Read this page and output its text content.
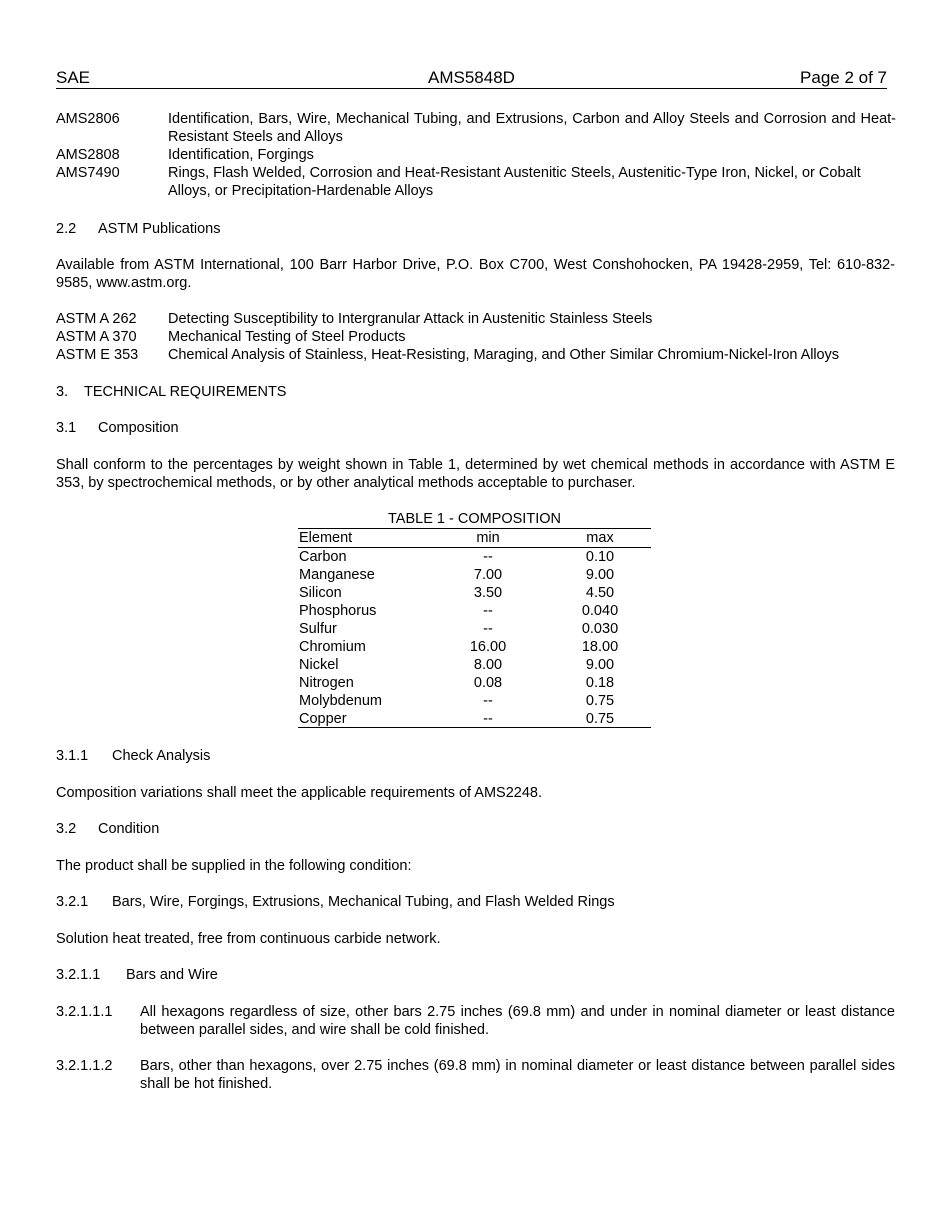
SAE	AMS5848D	Page 2 of 7
AMS2806	Identification, Bars, Wire, Mechanical Tubing, and Extrusions, Carbon and Alloy Steels and Corrosion and Heat-Resistant Steels and Alloys
AMS2808	Identification, Forgings
AMS7490	Rings, Flash Welded, Corrosion and Heat-Resistant Austenitic Steels, Austenitic-Type Iron, Nickel, or Cobalt Alloys, or Precipitation-Hardenable Alloys
2.2 ASTM Publications
Available from ASTM International, 100 Barr Harbor Drive, P.O. Box C700, West Conshohocken, PA 19428-2959, Tel: 610-832-9585, www.astm.org.
ASTM A 262 Detecting Susceptibility to Intergranular Attack in Austenitic Stainless Steels
ASTM A 370 Mechanical Testing of Steel Products
ASTM E 353 Chemical Analysis of Stainless, Heat-Resisting, Maraging, and Other Similar Chromium-Nickel-Iron Alloys
3. TECHNICAL REQUIREMENTS
3.1 Composition
Shall conform to the percentages by weight shown in Table 1, determined by wet chemical methods in accordance with ASTM E 353, by spectrochemical methods, or by other analytical methods acceptable to purchaser.
TABLE 1 - COMPOSITION
Element	min	max
Carbon	--	0.10
Manganese	7.00	9.00
Silicon	3.50	4.50
Phosphorus	--	0.040
Sulfur	--	0.030
Chromium	16.00	18.00
Nickel	8.00	9.00
Nitrogen	0.08	0.18
Molybdenum	--	0.75
Copper	--	0.75
3.1.1 Check Analysis
Composition variations shall meet the applicable requirements of AMS2248.
3.2 Condition
The product shall be supplied in the following condition:
3.2.1 Bars, Wire, Forgings, Extrusions, Mechanical Tubing, and Flash Welded Rings
Solution heat treated, free from continuous carbide network.
3.2.1.1 Bars and Wire
3.2.1.1.1 All hexagons regardless of size, other bars 2.75 inches (69.8 mm) and under in nominal diameter or least distance between parallel sides, and wire shall be cold finished.
3.2.1.1.2 Bars, other than hexagons, over 2.75 inches (69.8 mm) in nominal diameter or least distance between parallel sides shall be hot finished.
